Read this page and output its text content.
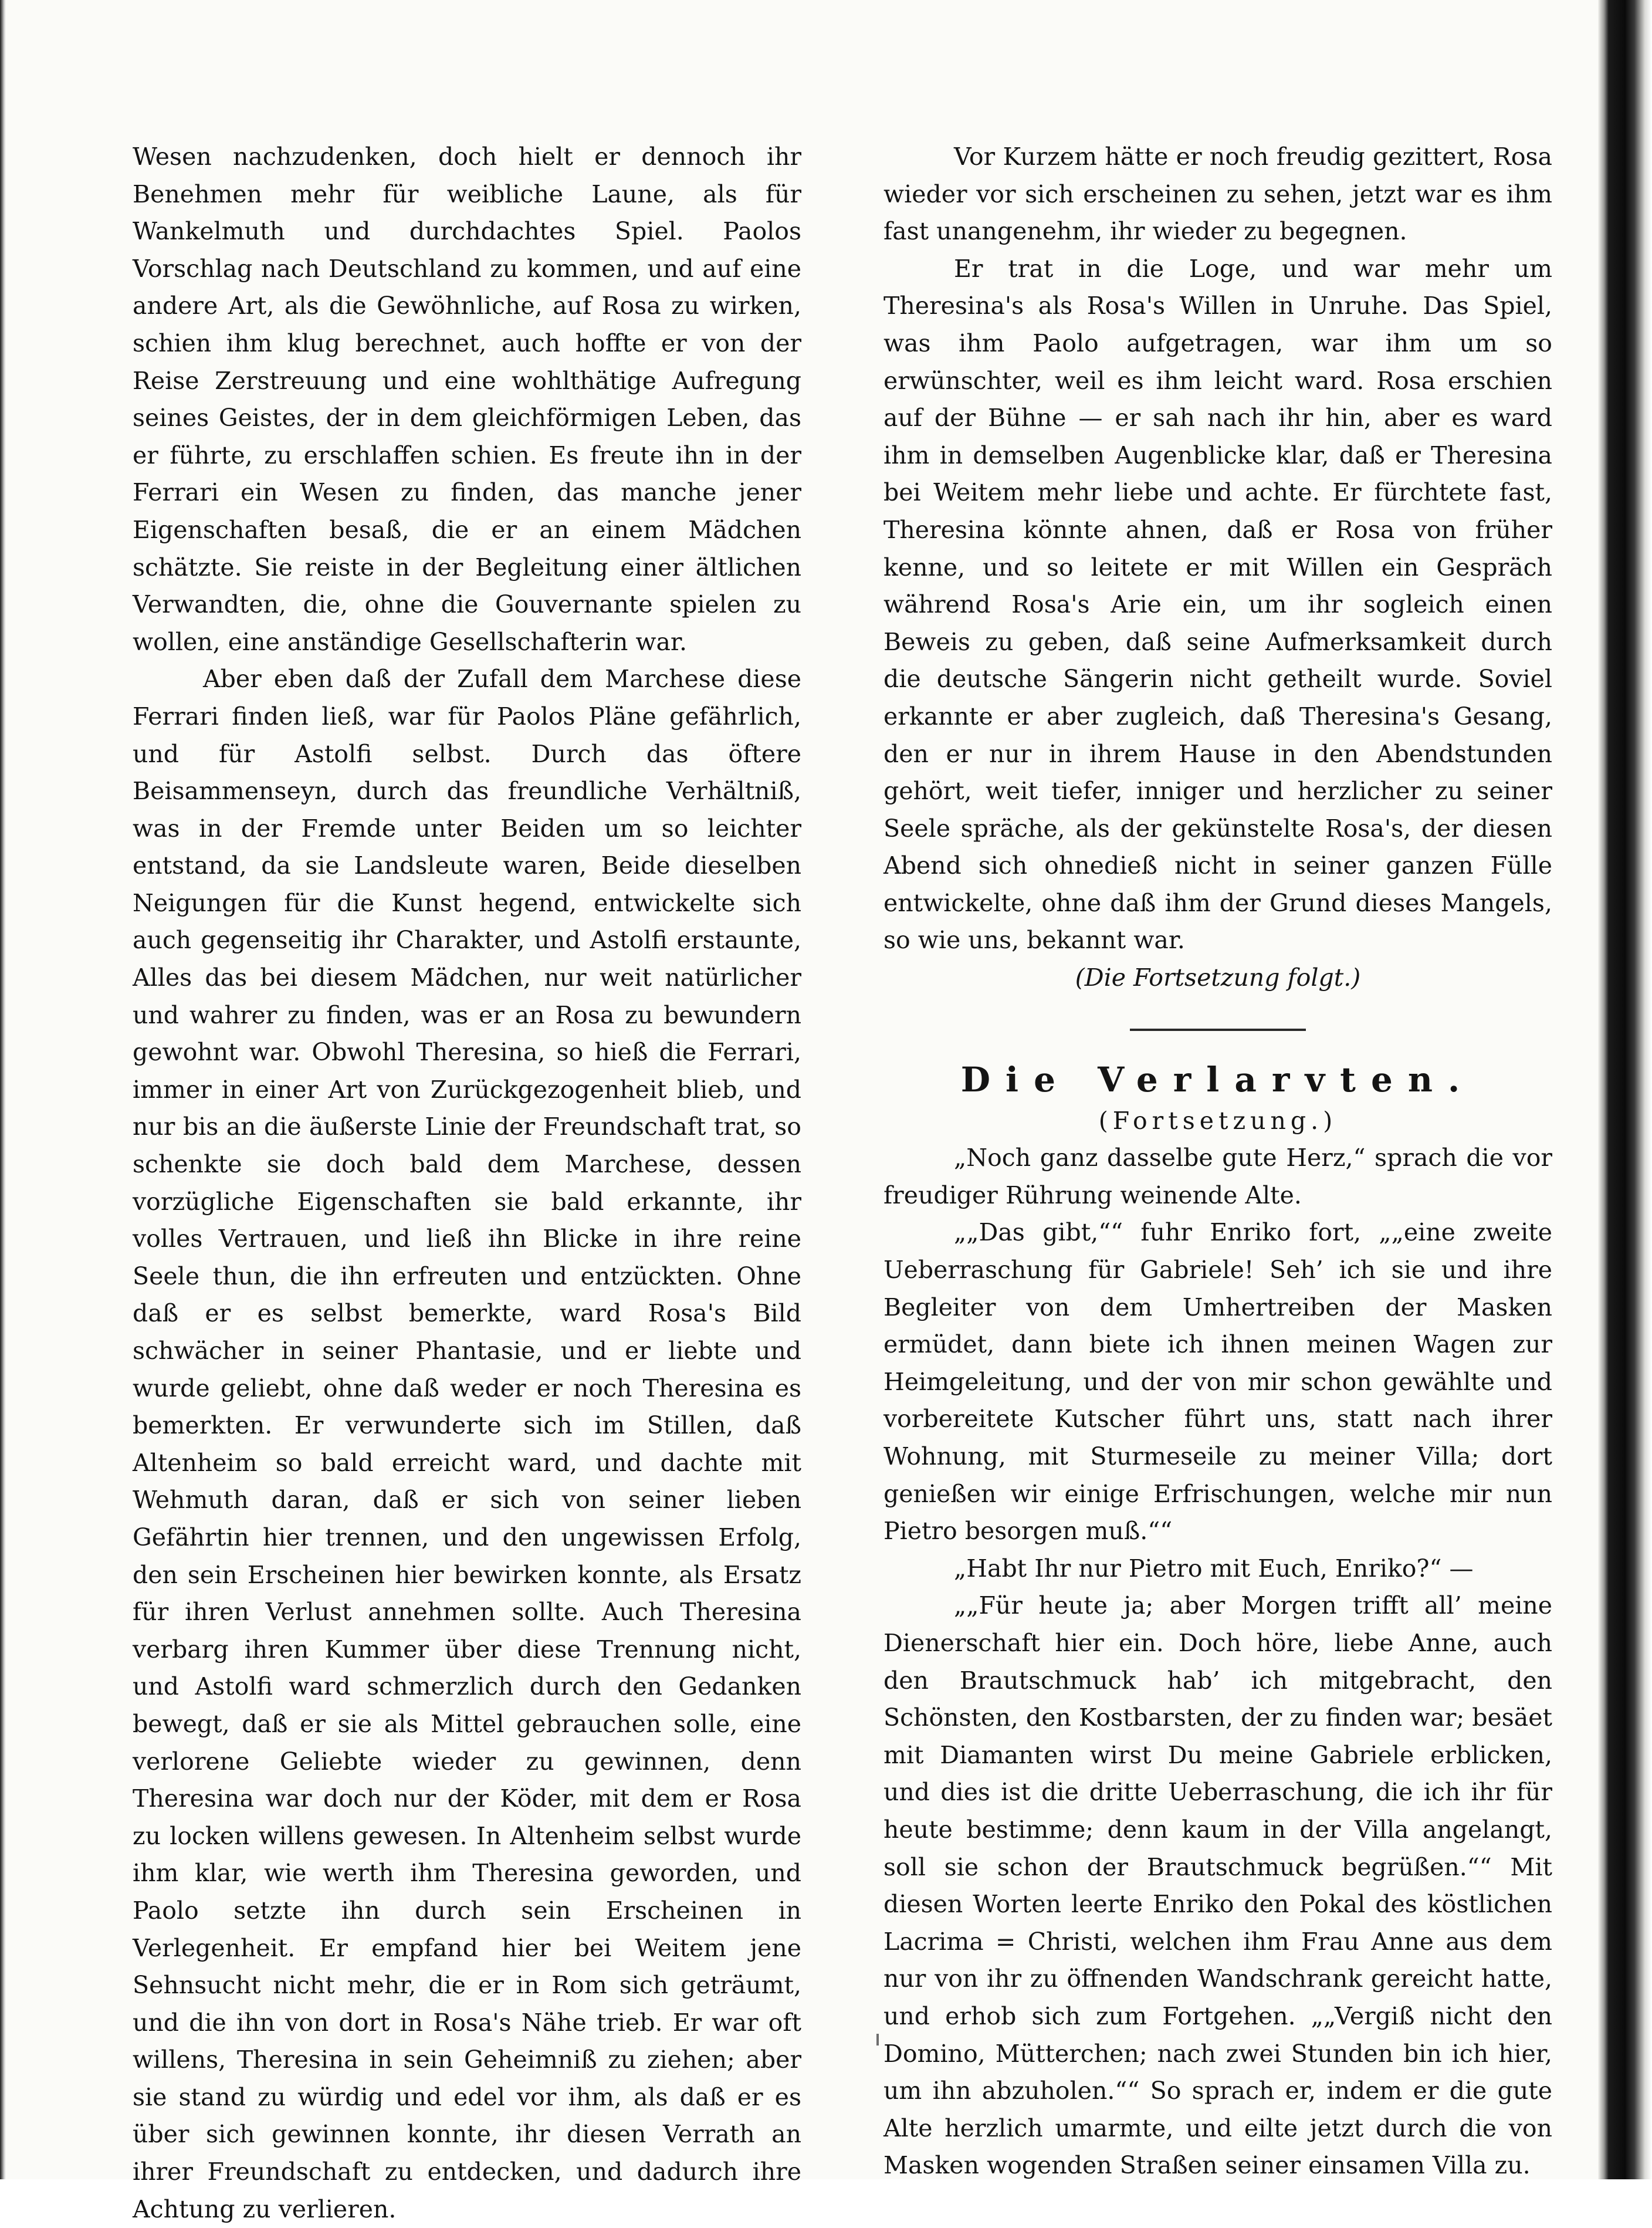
Wesen nachzudenken, doch hielt er dennoch ihr Benehmen mehr für weibliche Laune, als für Wankelmuth und durchdachtes Spiel. Paolos Vorschlag nach Deutschland zu kommen, und auf eine andere Art, als die Gewöhnliche, auf Rosa zu wirken, schien ihm klug berechnet, auch hoffte er von der Reise Zerstreuung und eine wohlthätige Aufregung seines Geistes, der in dem gleichförmigen Leben, das er führte, zu erschlaffen schien. Es freute ihn in der Ferrari ein Wesen zu finden, das manche jener Eigenschaften besaß, die er an einem Mädchen schätzte. Sie reiste in der Begleitung einer ältlichen Verwandten, die, ohne die Gouvernante spielen zu wollen, eine anständige Gesellschafterin war.

Aber eben daß der Zufall dem Marchese diese Ferrari finden ließ, war für Paolos Pläne gefährlich, und für Astolfi selbst. Durch das öftere Beisammenseyn, durch das freundliche Verhältniß, was in der Fremde unter Beiden um so leichter entstand, da sie Landsleute waren, Beide dieselben Neigungen für die Kunst hegend, entwickelte sich auch gegenseitig ihr Charakter, und Astolfi erstaunte, Alles das bei diesem Mädchen, nur weit natürlicher und wahrer zu finden, was er an Rosa zu bewundern gewohnt war. Obwohl Theresina, so hieß die Ferrari, immer in einer Art von Zurückgezogenheit blieb, und nur bis an die äußerste Linie der Freundschaft trat, so schenkte sie doch bald dem Marchese, dessen vorzügliche Eigenschaften sie bald erkannte, ihr volles Vertrauen, und ließ ihn Blicke in ihre reine Seele thun, die ihn erfreuten und entzückten. Ohne daß er es selbst bemerkte, ward Rosa's Bild schwächer in seiner Phantasie, und er liebte und wurde geliebt, ohne daß weder er noch Theresina es bemerkten. Er verwunderte sich im Stillen, daß Altenheim so bald erreicht ward, und dachte mit Wehmuth daran, daß er sich von seiner lieben Gefährtin hier trennen, und den ungewissen Erfolg, den sein Erscheinen hier bewirken konnte, als Ersatz für ihren Verlust annehmen sollte. Auch Theresina verbarg ihren Kummer über diese Trennung nicht, und Astolfi ward schmerzlich durch den Gedanken bewegt, daß er sie als Mittel gebrauchen solle, eine verlorene Geliebte wieder zu gewinnen, denn Theresina war doch nur der Köder, mit dem er Rosa zu locken willens gewesen. In Altenheim selbst wurde ihm klar, wie werth ihm Theresina geworden, und Paolo setzte ihn durch sein Erscheinen in Verlegenheit. Er empfand hier bei Weitem jene Sehnsucht nicht mehr, die er in Rom sich geträumt, und die ihn von dort in Rosa's Nähe trieb. Er war oft willens, Theresina in sein Geheimniß zu ziehen; aber sie stand zu würdig und edel vor ihm, als daß er es über sich gewinnen konnte, ihr diesen Verrath an ihrer Freundschaft zu entdecken, und dadurch ihre Achtung zu verlieren.

Vor Kurzem hätte er noch freudig gezittert, Rosa wieder vor sich erscheinen zu sehen, jetzt war es ihm fast unangenehm, ihr wieder zu begegnen.

Er trat in die Loge, und war mehr um Theresina's als Rosa's Willen in Unruhe. Das Spiel, was ihm Paolo aufgetragen, war ihm um so erwünschter, weil es ihm leicht ward. Rosa erschien auf der Bühne — er sah nach ihr hin, aber es ward ihm in demselben Augenblicke klar, daß er Theresina bei Weitem mehr liebe und achte. Er fürchtete fast, Theresina könnte ahnen, daß er Rosa von früher kenne, und so leitete er mit Willen ein Gespräch während Rosa's Arie ein, um ihr sogleich einen Beweis zu geben, daß seine Aufmerksamkeit durch die deutsche Sängerin nicht getheilt wurde. Soviel erkannte er aber zugleich, daß Theresina's Gesang, den er nur in ihrem Hause in den Abendstunden gehört, weit tiefer, inniger und herzlicher zu seiner Seele spräche, als der gekünstelte Rosa's, der diesen Abend sich ohnedieß nicht in seiner ganzen Fülle entwickelte, ohne daß ihm der Grund dieses Mangels, so wie uns, bekannt war.

(Die Fortsetzung folgt.)

Die Verlarvten.

(Fortsetzung.)

„Noch ganz dasselbe gute Herz,“ sprach die vor freudiger Rührung weinende Alte.

„„Das gibt,““ fuhr Enriko fort, „„eine zweite Ueberraschung für Gabriele! Seh’ ich sie und ihre Begleiter von dem Umhertreiben der Masken ermüdet, dann biete ich ihnen meinen Wagen zur Heimgeleitung, und der von mir schon gewählte und vorbereitete Kutscher führt uns, statt nach ihrer Wohnung, mit Sturmeseile zu meiner Villa; dort genießen wir einige Erfrischungen, welche mir nun Pietro besorgen muß.““

„Habt Ihr nur Pietro mit Euch, Enriko?“ —

„„Für heute ja; aber Morgen trifft all’ meine Dienerschaft hier ein. Doch höre, liebe Anne, auch den Brautschmuck hab’ ich mitgebracht, den Schönsten, den Kostbarsten, der zu finden war; besäet mit Diamanten wirst Du meine Gabriele erblicken, und dies ist die dritte Ueberraschung, die ich ihr für heute bestimme; denn kaum in der Villa angelangt, soll sie schon der Brautschmuck begrüßen.““ Mit diesen Worten leerte Enriko den Pokal des köstlichen Lacrima = Christi, welchen ihm Frau Anne aus dem nur von ihr zu öffnenden Wandschrank gereicht hatte, und erhob sich zum Fortgehen. „„Vergiß nicht den Domino, Mütterchen; nach zwei Stunden bin ich hier, um ihn abzuholen.““ So sprach er, indem er die gute Alte herzlich umarmte, und eilte jetzt durch die von Masken wogenden Straßen seiner einsamen Villa zu.
